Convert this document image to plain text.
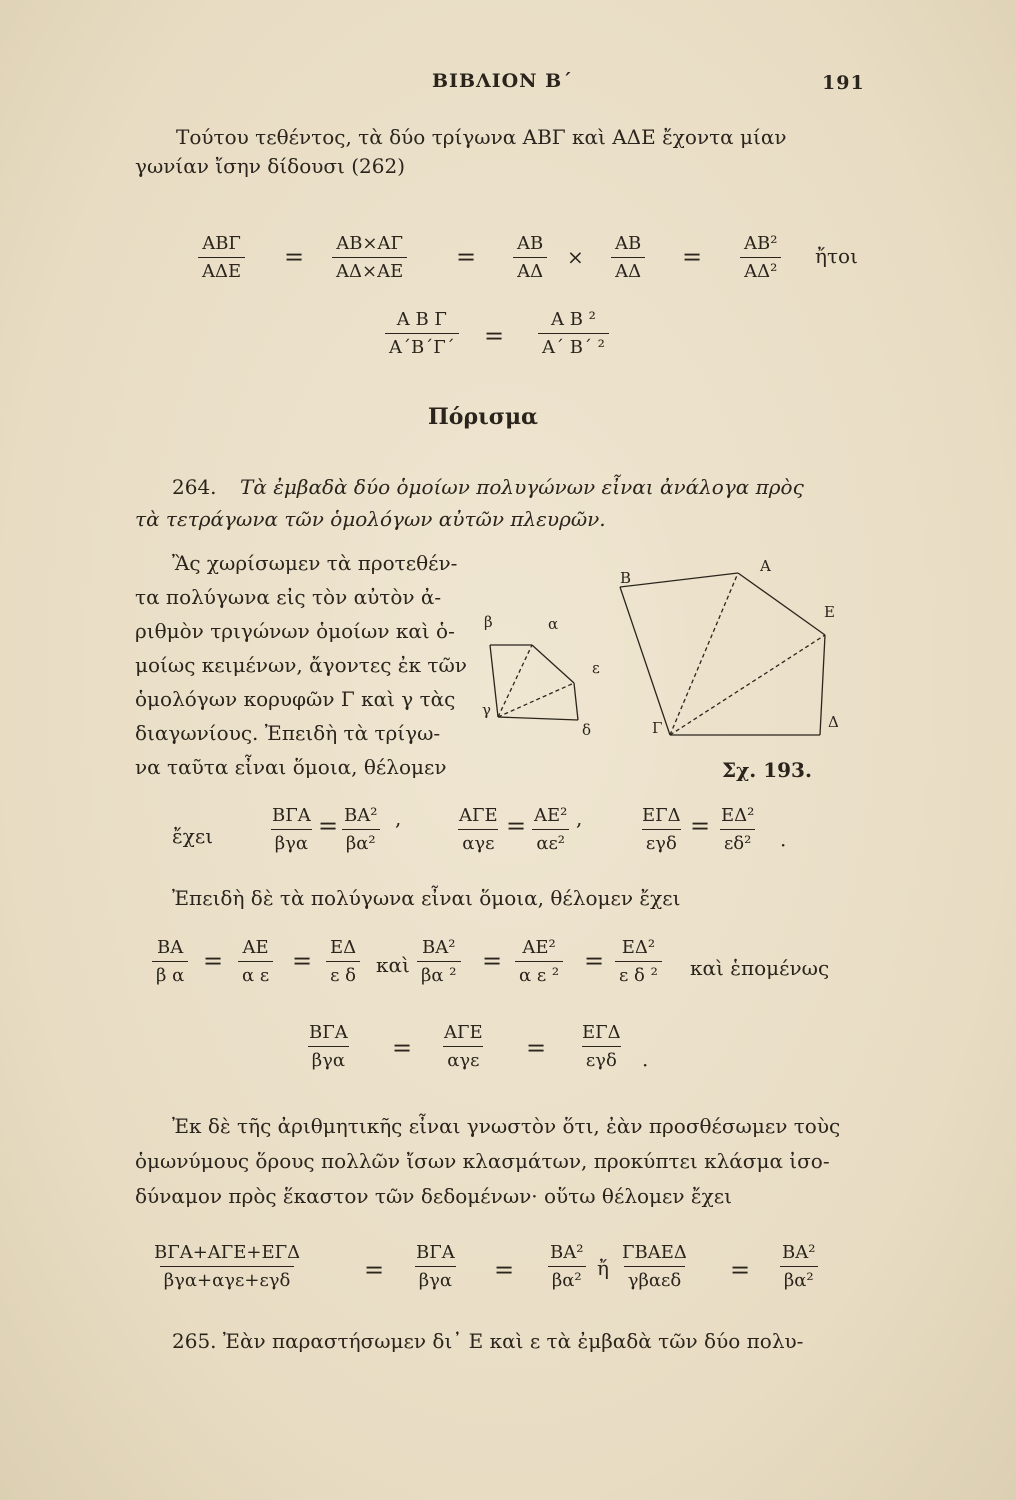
ΒΙΒΛΙΟΝ Β΄	191
Τούτου τεθέντος, τὰ δύο τρίγωνα ΑΒΓ καὶ ΑΔΕ ἔχοντα μίαν
γωνίαν ἴσην δίδουσι (262)
ΑΒΓ
ΑΔΕ
= $\frac{AB\times A\Gamma}{A\Delta\times AE} = \frac{AB}{A\Delta} \times \frac{AB}{A\Delta} = \frac{\text{ΑΒ²}}{\text{ΑΔ²}}$ ἤτοι
$\frac{\text{Α Β Γ}}{A΄B΄\Gamma΄} = \frac{\text{Α Β ²}}{\text{Α΄ Β΄ ²}}$
Πόρισμα
264. Τὰ ἐμβαδὰ δύο ὁμοίων πολυγώνων εἶναι ἀνάλογα πρὸς
τὰ τετράγωνα τῶν ὁμολόγων αὐτῶν πλευρῶν.
Ἂς χωρίσωμεν τὰ προτεθέν-
τα πολύγωνα εἰς τὸν αὐτὸν ἀ-
ριθμὸν τριγώνων ὁμοίων καὶ ὁ-
μοίως κειμένων, ἄγοντες ἐκ τῶν
ὁμολόγων κορυφῶν Γ καὶ γ τὰς
διαγωνίους. Ἐπειδὴ τὰ τρίγω-
να ταῦτα εἶναι ὅμοια, θέλομεν
Β
Α
Ε
Γ	Δ
β	α
ε
δ
γ
Σχ. 193.
ἔχει
ΒΓΑ
βγα
= $\frac{\text{ΒΑ²}}{\text{βα²}}$ ,	ΑΓΕ
αγε
= $\frac{\text{ΑΕ²}}{\text{αε²}}$ ,	ΕΓΔ
εγδ
= $\frac{\text{ΕΔ²}}{\text{εδ²}}$ ·
Ἐπειδὴ δὲ τὰ πολύγωνα εἶναι ὅμοια, θέλομεν ἔχει
$\frac{BA}{\text{β α}} = \frac{AE}{\text{α ε}} = \frac{E\Delta}{\text{ε δ}}$ καὶ $\frac{\text{ΒΑ²}}{\text{βα ²}} = \frac{\text{ΑΕ²}}{\text{α ε ²}} = \frac{\text{ΕΔ²}}{\text{ε δ ²}}$ καὶ ἑπομένως
ΒΓΑ
βγα =
ΑΓΕ
αγε =
ΕΓΔ
εγδ ·
Ἐκ δὲ τῆς ἀριθμητικῆς εἶναι γνωστὸν ὅτι, ἐὰν προσθέσωμεν τοὺς
ὁμωνύμους ὅρους πολλῶν ἴσων κλασμάτων, προκύπτει κλάσμα ἰσο-
δύναμον πρὸς ἕκαστον τῶν δεδομένων· οὕτω θέλομεν ἔχει
ΒΓΑ+ΑΓΕ+ΕΓΔ
βγα+αγε+εγδ	=
ΒΓΑ
$\beta\gamma\alpha = \frac{\text{ΒΑ²}}{\text{βα²}}$ ἤ
ΓΒΑΕΔ
$\gamma\beta\alpha\varepsilon\delta = \frac{\text{ΒΑ²}}{\text{βα²}}$
265. Ἐὰν παραστήσωμεν δι᾽ Ε καὶ ε τὰ ἐμβαδὰ τῶν δύο πολυ-
